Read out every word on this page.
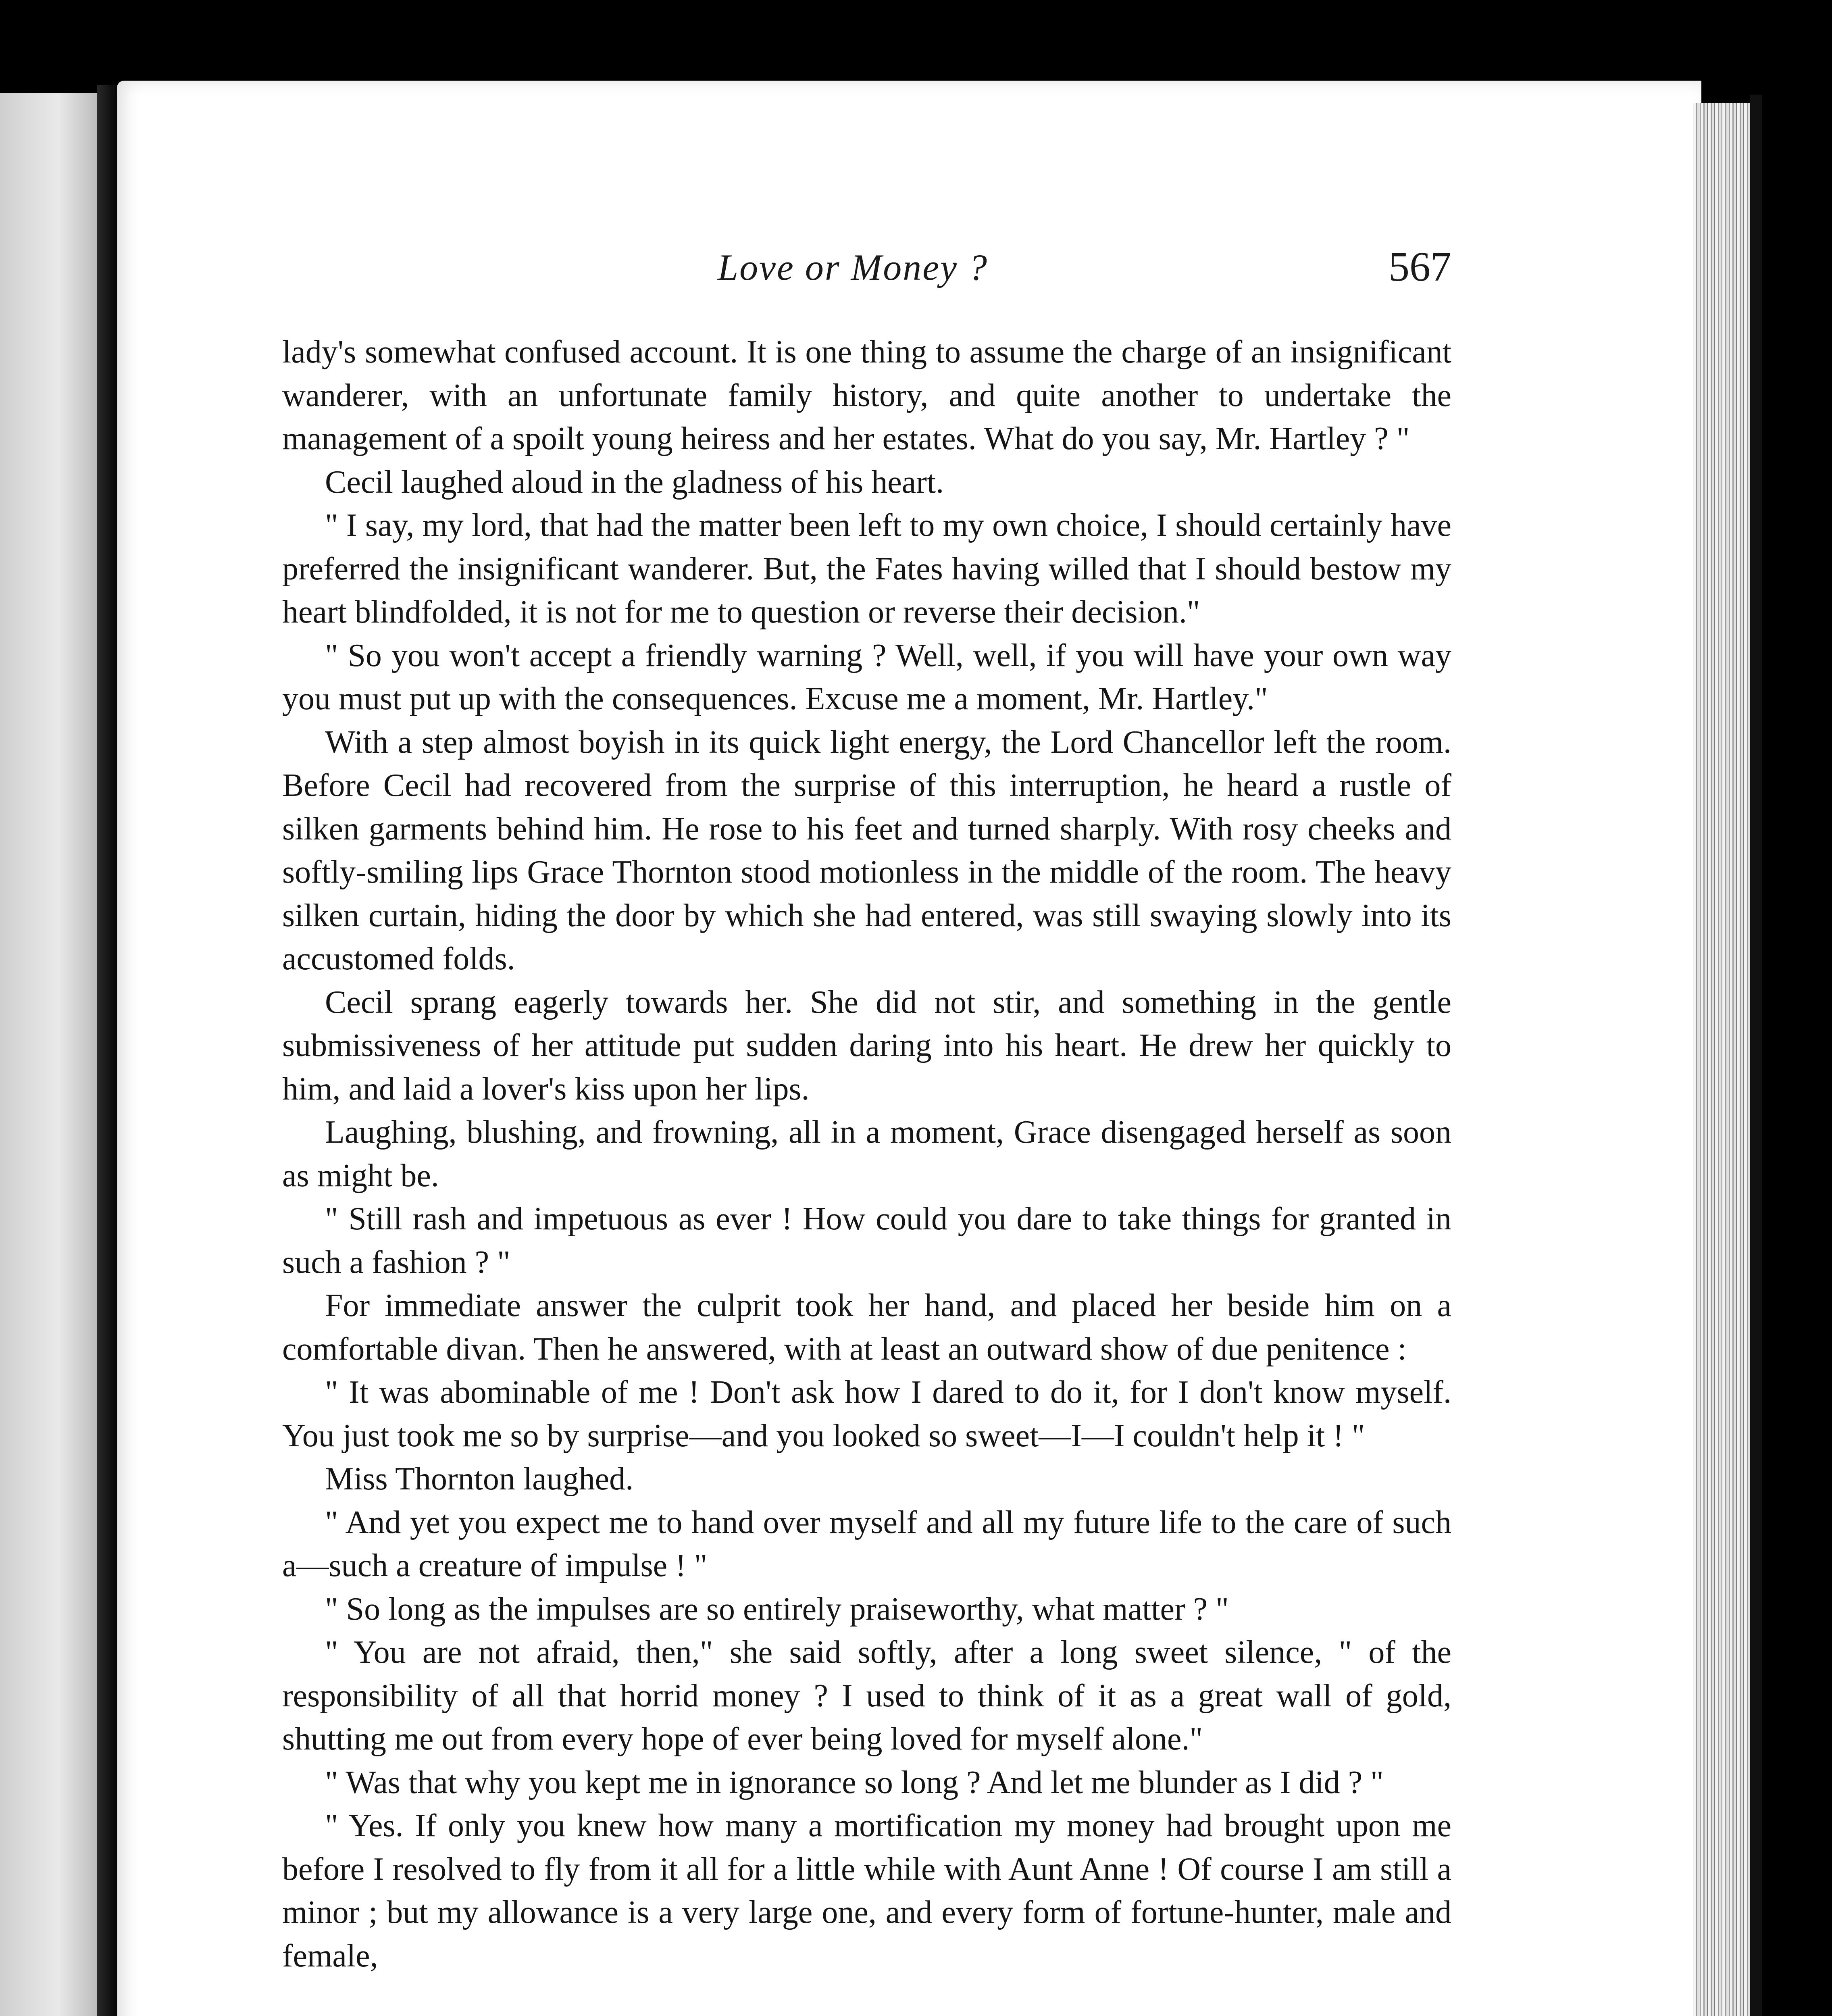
Love or Money ?	567

lady's somewhat confused account. It is one thing to assume the charge of an insignificant wanderer, with an unfortunate family history, and quite another to undertake the management of a spoilt young heiress and her estates. What do you say, Mr. Hartley ? "

Cecil laughed aloud in the gladness of his heart.

" I say, my lord, that had the matter been left to my own choice, I should certainly have preferred the insignificant wanderer. But, the Fates having willed that I should bestow my heart blindfolded, it is not for me to question or reverse their decision."

" So you won't accept a friendly warning ? Well, well, if you will have your own way you must put up with the consequences. Excuse me a moment, Mr. Hartley."

With a step almost boyish in its quick light energy, the Lord Chancellor left the room. Before Cecil had recovered from the surprise of this interruption, he heard a rustle of silken garments behind him. He rose to his feet and turned sharply. With rosy cheeks and softly-smiling lips Grace Thornton stood motionless in the middle of the room. The heavy silken curtain, hiding the door by which she had entered, was still swaying slowly into its accustomed folds.

Cecil sprang eagerly towards her. She did not stir, and something in the gentle submissiveness of her attitude put sudden daring into his heart. He drew her quickly to him, and laid a lover's kiss upon her lips.

Laughing, blushing, and frowning, all in a moment, Grace disengaged herself as soon as might be.

" Still rash and impetuous as ever ! How could you dare to take things for granted in such a fashion ? "

For immediate answer the culprit took her hand, and placed her beside him on a comfortable divan. Then he answered, with at least an outward show of due penitence :

" It was abominable of me ! Don't ask how I dared to do it, for I don't know myself. You just took me so by surprise—and you looked so sweet—I—I couldn't help it ! "

Miss Thornton laughed.

" And yet you expect me to hand over myself and all my future life to the care of such a—such a creature of impulse ! "

" So long as the impulses are so entirely praiseworthy, what matter ? "

" You are not afraid, then," she said softly, after a long sweet silence, " of the responsibility of all that horrid money ? I used to think of it as a great wall of gold, shutting me out from every hope of ever being loved for myself alone."

" Was that why you kept me in ignorance so long ? And let me blunder as I did ? "

" Yes. If only you knew how many a mortification my money had brought upon me before I resolved to fly from it all for a little while with Aunt Anne ! Of course I am still a minor ; but my allowance is a very large one, and every form of fortune-hunter, male and female,
